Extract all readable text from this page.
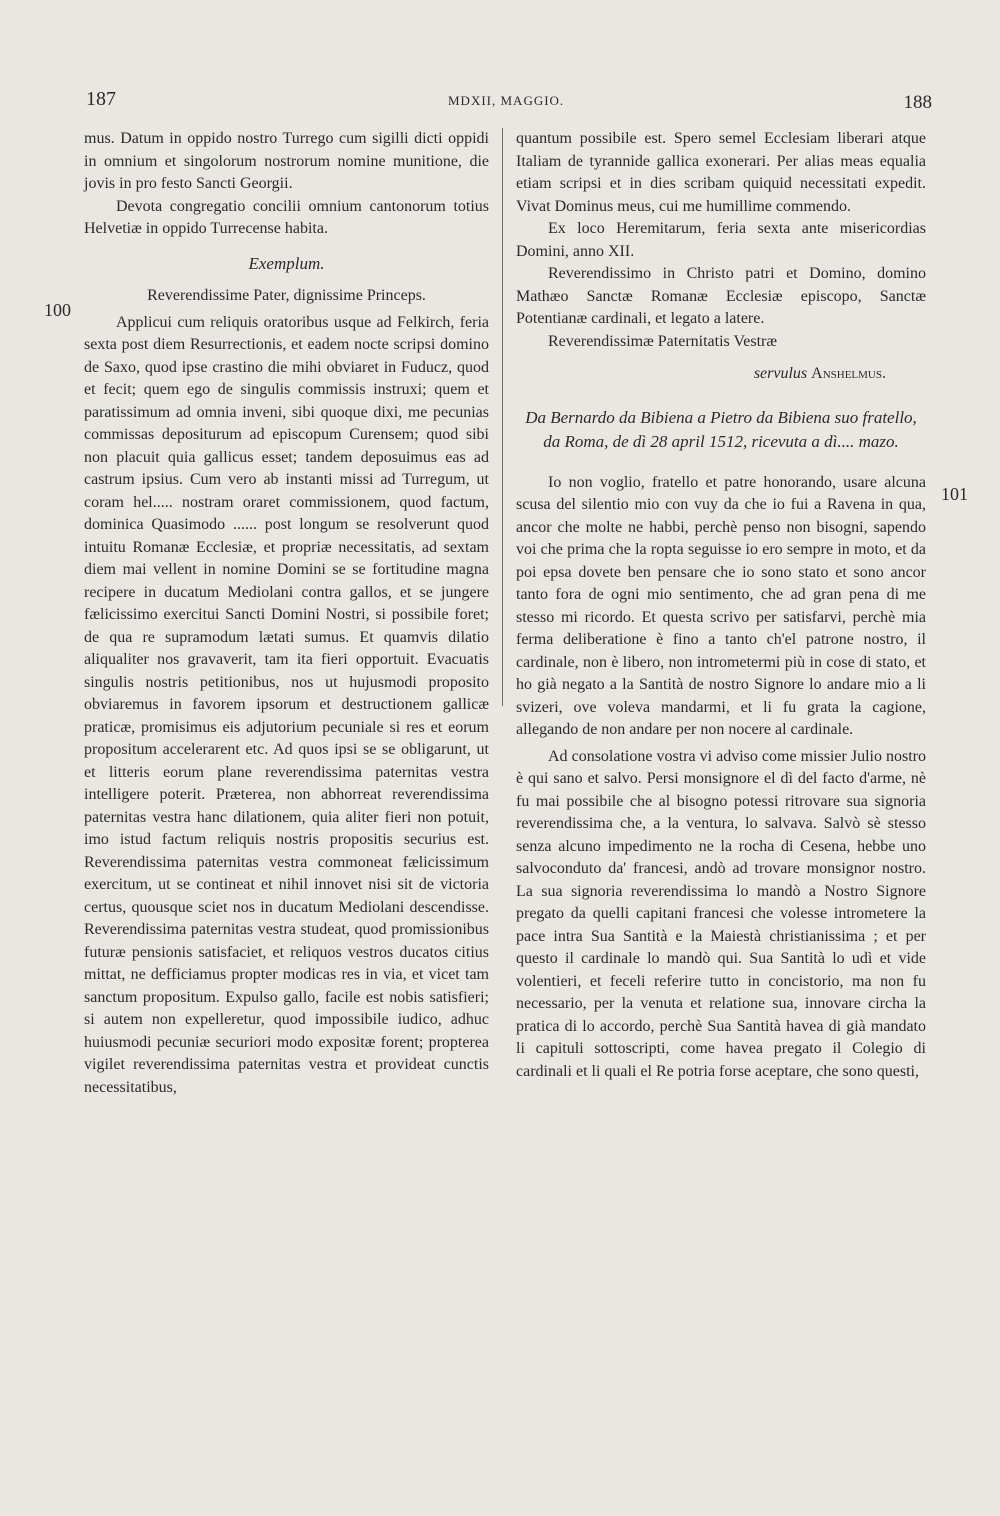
187	MDXII, MAGGIO.	188
100
101

mus. Datum in oppido nostro Turrego cum sigilli dicti oppidi in omnium et singolorum nostrorum nomine munitione, die jovis in pro festo Sancti Georgii.

Devota congregatio concilii omnium cantonorum totius Helvetiæ in oppido Turrecense habita.

Exemplum.

Reverendissime Pater, dignissime Princeps.

Applicui cum reliquis oratoribus usque ad Felkirch, feria sexta post diem Resurrectionis, et eadem nocte scripsi domino de Saxo, quod ipse crastino die mihi obviaret in Fuducz, quod et fecit; quem ego de singulis commissis instruxi; quem et paratissimum ad omnia inveni, sibi quoque dixi, me pecunias commissas depositurum ad episcopum Curensem; quod sibi non placuit quia gallicus esset; tandem deposuimus eas ad castrum ipsius. Cum vero ab instanti missi ad Turregum, ut coram hel..... nostram oraret commissionem, quod factum, dominica Quasimodo ...... post longum se resolverunt quod intuitu Romanæ Ecclesiæ, et propriæ necessitatis, ad sextam diem mai vellent in nomine Domini se se fortitudine magna recipere in ducatum Mediolani contra gallos, et se jungere fælicissimo exercitui Sancti Domini Nostri, si possibile foret; de qua re supramodum lætati sumus. Et quamvis dilatio aliqualiter nos gravaverit, tam ita fieri opportuit. Evacuatis singulis nostris petitionibus, nos ut hujusmodi proposito obviaremus in favorem ipsorum et destructionem gallicæ praticæ, promisimus eis adjutorium pecuniale si res et eorum propositum accelerarent etc. Ad quos ipsi se se obligarunt, ut et litteris eorum plane reverendissima paternitas vestra intelligere poterit. Præterea, non abhorreat reverendissima paternitas vestra hanc dilationem, quia aliter fieri non potuit, imo istud factum reliquis nostris propositis securius est. Reverendissima paternitas vestra commoneat fælicissimum exercitum, ut se contineat et nihil innovet nisi sit de victoria certus, quousque sciet nos in ducatum Mediolani descendisse. Reverendissima paternitas vestra studeat, quod promissionibus futuræ pensionis satisfaciet, et reliquos vestros ducatos citius mittat, ne defficiamus propter modicas res in via, et vicet tam sanctum propositum. Expulso gallo, facile est nobis satisfieri; si autem non expelleretur, quod impossibile iudico, adhuc huiusmodi pecuniæ securiori modo expositæ forent; propterea vigilet reverendissima paternitas vestra et provideat cunctis necessitatibus,

quantum possibile est. Spero semel Ecclesiam liberari atque Italiam de tyrannide gallica exonerari. Per alias meas equalia etiam scripsi et in dies scribam quiquid necessitati expedit. Vivat Dominus meus, cui me humillime commendo.

Ex loco Heremitarum, feria sexta ante misericordias Domini, anno XII.

Reverendissimo in Christo patri et Domino, domino Mathæo Sanctæ Romanæ Ecclesiæ episcopo, Sanctæ Potentianæ cardinali, et legato a latere.

Reverendissimæ Paternitatis Vestræ

servulus Anshelmus.

Da Bernardo da Bibiena a Pietro da Bibiena suo fratello, da Roma, de dì 28 april 1512, ricevuta a dì.... mazo.

Io non voglio, fratello et patre honorando, usare alcuna scusa del silentio mio con vuy da che io fui a Ravena in qua, ancor che molte ne habbi, perchè penso non bisogni, sapendo voi che prima che la ropta seguisse io ero sempre in moto, et da poi epsa dovete ben pensare che io sono stato et sono ancor tanto fora de ogni mio sentimento, che ad gran pena di me stesso mi ricordo. Et questa scrivo per satisfarvi, perchè mia ferma deliberatione è fino a tanto ch'el patrone nostro, il cardinale, non è libero, non intrometermi più in cose di stato, et ho già negato a la Santità de nostro Signore lo andare mio a li svizeri, ove voleva mandarmi, et li fu grata la cagione, allegando de non andare per non nocere al cardinale.

Ad consolatione vostra vi adviso come missier Julio nostro è qui sano et salvo. Persi monsignore el dì del facto d'arme, nè fu mai possibile che al bisogno potessi ritrovare sua signoria reverendissima che, a la ventura, lo salvava. Salvò sè stesso senza alcuno impedimento ne la rocha di Cesena, hebbe uno salvoconduto da' francesi, andò ad trovare monsignor nostro. La sua signoria reverendissima lo mandò a Nostro Signore pregato da quelli capitani francesi che volesse intrometere la pace intra Sua Santità e la Maiestà christianissima ; et per questo il cardinale lo mandò qui. Sua Santità lo udì et vide volentieri, et feceli referire tutto in concistorio, ma non fu necessario, per la venuta et relatione sua, innovare circha la pratica di lo accordo, perchè Sua Santità havea di già mandato li capituli sottoscripti, come havea pregato il Colegio di cardinali et li quali el Re potria forse aceptare, che sono questi,
